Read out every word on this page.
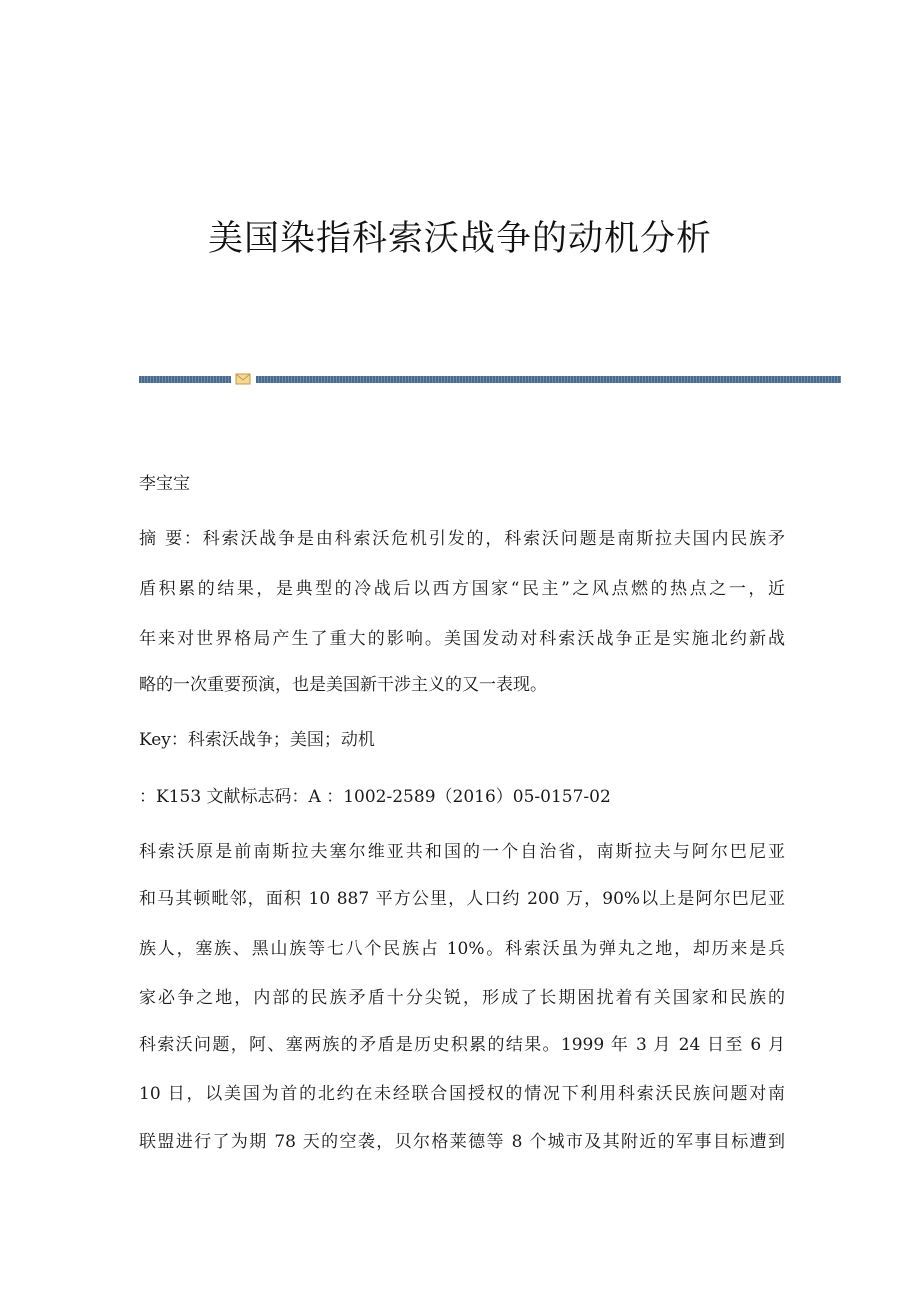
美国染指科索沃战争的动机分析
李宝宝
摘 要：科索沃战争是由科索沃危机引发的，科索沃问题是南斯拉夫国内民族矛
盾积累的结果，是典型的冷战后以西方国家“民主”之风点燃的热点之一，近
年来对世界格局产生了重大的影响。美国发动对科索沃战争正是实施北约新战
略的一次重要预演，也是美国新干涉主义的又一表现。
Key：科索沃战争；美国；动机
：K153 文献标志码：A ：1002-2589（2016）05-0157-02
科索沃原是前南斯拉夫塞尔维亚共和国的一个自治省，南斯拉夫与阿尔巴尼亚
和马其顿毗邻，面积 10 887 平方公里，人口约 200 万，90%以上是阿尔巴尼亚
族人，塞族、黑山族等七八个民族占 10%。科索沃虽为弹丸之地，却历来是兵
家必争之地，内部的民族矛盾十分尖锐，形成了长期困扰着有关国家和民族的
科索沃问题，阿、塞两族的矛盾是历史积累的结果。1999 年 3 月 24 日至 6 月
10 日，以美国为首的北约在未经联合国授权的情况下利用科索沃民族问题对南
联盟进行了为期 78 天的空袭，贝尔格莱德等 8 个城市及其附近的军事目标遭到
